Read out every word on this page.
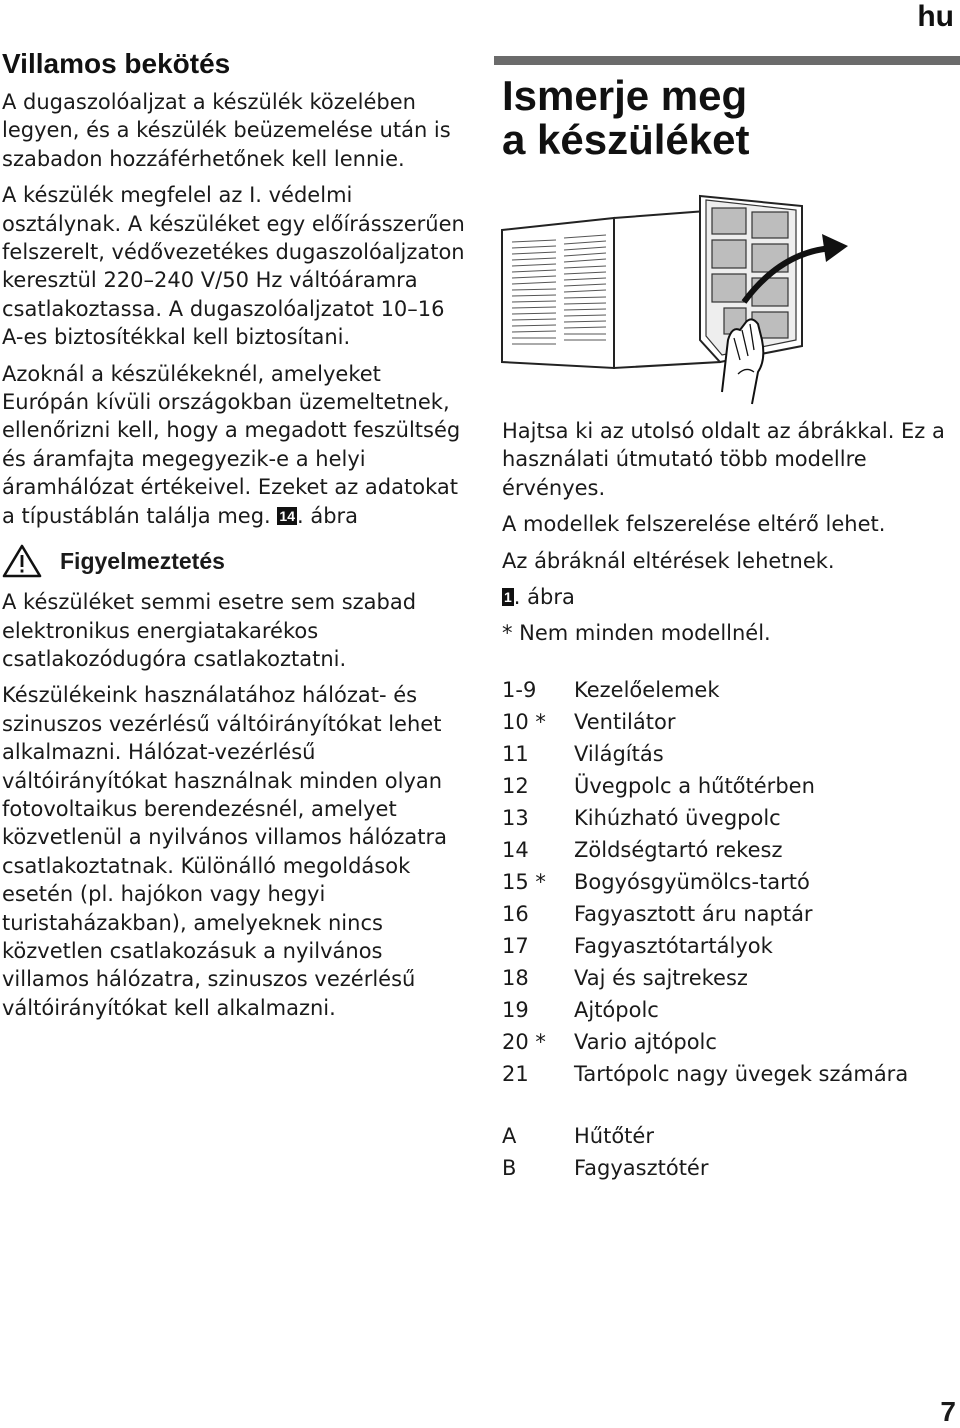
hu
Villamos bekötés

A dugaszolóaljzat a készülék közelében legyen, és a készülék beüzemelése után is szabadon hozzáférhetőnek kell lennie.

A készülék megfelel az I. védelmi osztálynak. A készüléket egy előírásszerűen felszerelt, védővezetékes dugaszolóaljzaton keresztül 220–240 V/50 Hz váltóáramra csatlakoztassa. A dugaszolóaljzatot 10–16 A-es biztosítékkal kell biztosítani.

Azoknál a készülékeknél, amelyeket Európán kívüli országokban üzemeltetnek, ellenőrizni kell, hogy a megadott feszültség és áramfajta megegyezik-e a helyi áramhálózat értékeivel. Ezeket az adatokat a típustáblán találja meg. 14. ábra

Figyelmeztetés

A készüléket semmi esetre sem szabad elektronikus energiatakarékos csatlakozódugóra csatlakoztatni.

Készülékeink használatához hálózat- és szinuszos vezérlésű váltóirányítókat lehet alkalmazni. Hálózat-vezérlésű váltóirányítókat használnak minden olyan fotovoltaikus berendezésnél, amelyet közvetlenül a nyilvános villamos hálózatra csatlakoztatnak. Különálló megoldások esetén (pl. hajókon vagy hegyi turistaházakban), amelyeknek nincs közvetlen csatlakozásuk a nyilvános villamos hálózatra, szinuszos vezérlésű váltóirányítókat kell alkalmazni.

Ismerje meg
a készüléket

Hajtsa ki az utolsó oldalt az ábrákkal. Ez a használati útmutató több modellre érvényes.

A modellek felszerelése eltérő lehet.

Az ábráknál eltérések lehetnek.

1. ábra

* Nem minden modellnél.

1-9	Kezelőelemek
10 *	Ventilátor
11	Világítás
12	Üvegpolc a hűtőtérben
13	Kihúzható üvegpolc
14	Zöldségtartó rekesz
15 *	Bogyósgyümölcs-tartó
16	Fagyasztott áru naptár
17	Fagyasztótartályok
18	Vaj és sajtrekesz
19	Ajtópolc
20 *	Vario ajtópolc
21	Tartópolc nagy üvegek számára
A	Hűtőtér
B	Fagyasztótér
7
